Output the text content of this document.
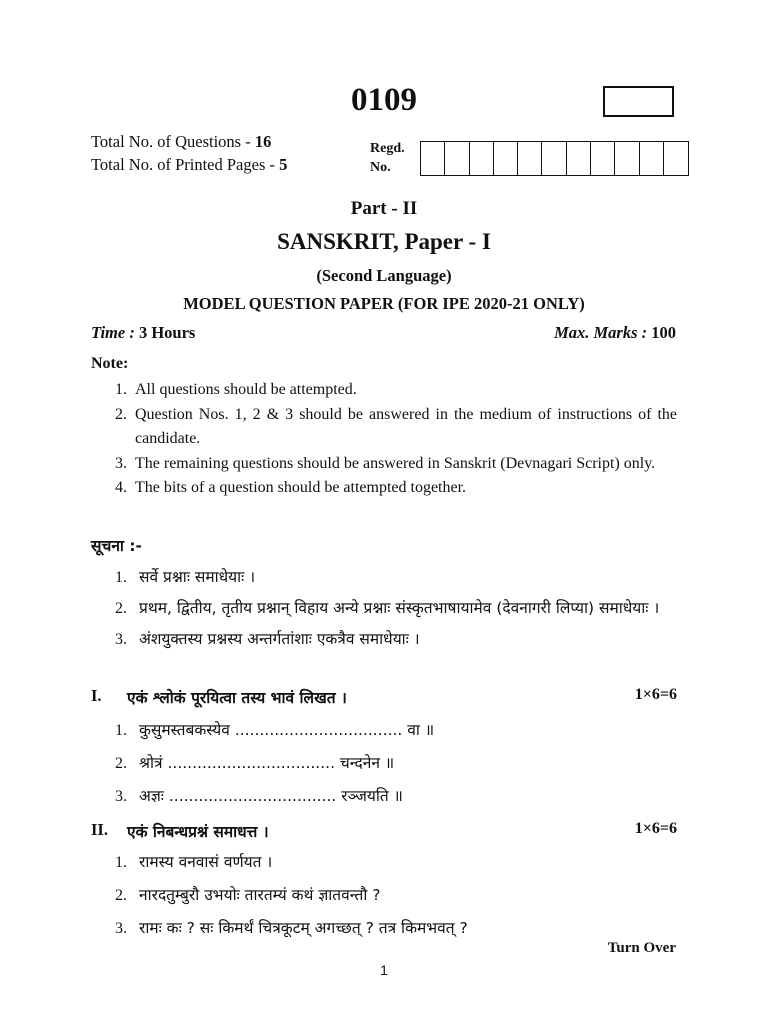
0109
Total No. of Questions - 16
Total No. of Printed Pages - 5
Regd.
No.
Part - II
SANSKRIT, Paper - I
(Second Language)
MODEL QUESTION PAPER (FOR IPE 2020-21 ONLY)
Time : 3 Hours	Max. Marks : 100
Note:
1. All questions should be attempted.
2. Question Nos. 1, 2 & 3 should be answered in the medium of instructions of the candidate.
3. The remaining questions should be answered in Sanskrit (Devnagari Script) only.
4. The bits of a question should be attempted together.
सूचना :-
1. सर्वे प्रश्नाः समाधेयाः ।
2. प्रथम, द्वितीय, तृतीय प्रश्नान् विहाय अन्ये प्रश्नाः संस्कृतभाषायामेव (देवनागरी लिप्या) समाधेयाः ।
3. अंशयुक्तस्य प्रश्नस्य अन्तर्गतांशाः एकत्रैव समाधेयाः ।
I.	एकं श्लोकं पूरयित्वा तस्य भावं लिखत ।	1×6=6
1. कुसुमस्तबकस्येव .................................. वा ॥
2. श्रोत्रं .................................. चन्दनेन ॥
3. अज्ञः .................................. रञ्जयति ॥
II.	एकं निबन्धप्रश्नं समाधत्त ।	1×6=6
1. रामस्य वनवासं वर्णयत ।
2. नारदतुम्बुरौ उभयोः तारतम्यं कथं ज्ञातवन्तौ ?
3. रामः कः ? सः किमर्थं चित्रकूटम् अगच्छत् ? तत्र किमभवत् ?
Turn Over
1
